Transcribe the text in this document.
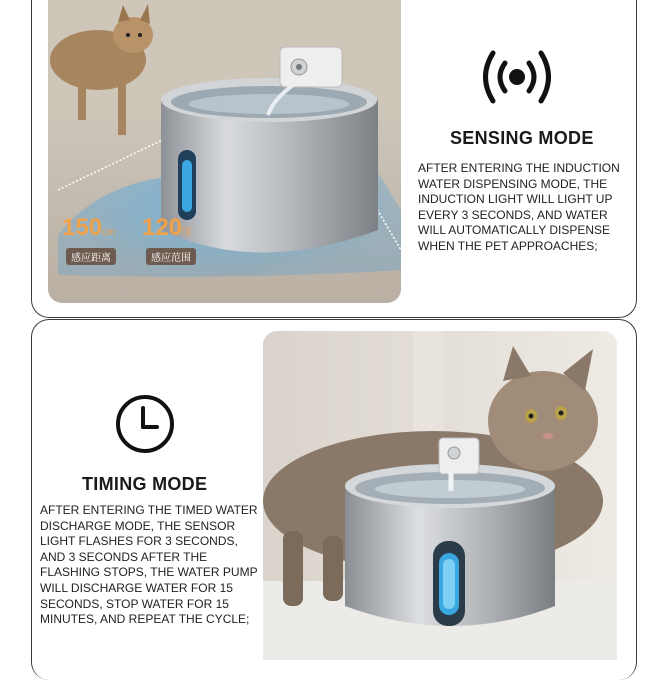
150cm 120度
感应距离	感应范围
SENSING MODE
AFTER ENTERING THE INDUCTION WATER DISPENSING MODE, THE INDUCTION LIGHT WILL LIGHT UP EVERY 3 SECONDS, AND WATER WILL AUTOMATICALLY DISPENSE WHEN THE PET APPROACHES;
TIMING MODE
AFTER ENTERING THE TIMED WATER DISCHARGE MODE, THE SENSOR LIGHT FLASHES FOR 3 SECONDS, AND 3 SECONDS AFTER THE FLASHING STOPS, THE WATER PUMP WILL DISCHARGE WATER FOR 15 SECONDS, STOP WATER FOR 15 MINUTES, AND REPEAT THE CYCLE;
